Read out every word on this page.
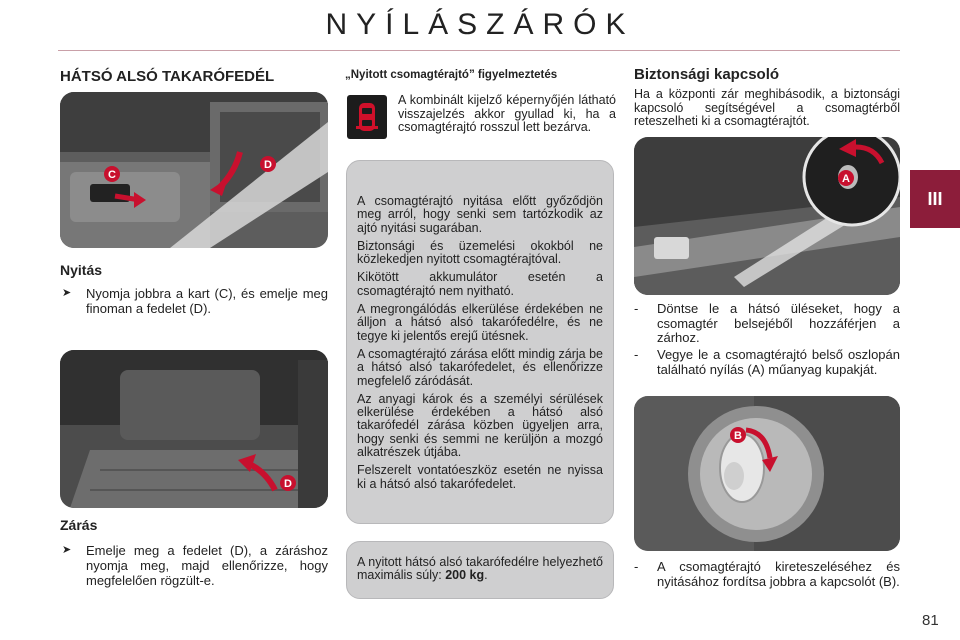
NYÍLÁSZÁRÓK
III
HÁTSÓ ALSÓ TAKARÓFEDÉL
C
D
Nyitás
➤ Nyomja jobbra a kart (C), és emelje meg finoman a fedelet (D).
D
Zárás
➤ Emelje meg a fedelet (D), a záráshoz nyomja meg, majd ellenőrizze, hogy megfelelően rögzült-e.
„Nyitott csomagtérajtó” figyelmeztetés
A kombinált kijelző képernyőjén látható visszajelzés akkor gyullad ki, ha a csomagtérajtó rosszul lett bezárva.

A csomagtérajtó nyitása előtt győződjön meg arról, hogy senki sem tartózkodik az ajtó nyitási sugarában.

Biztonsági és üzemelési okokból ne közlekedjen nyitott csomagtérajtóval.

Kikötött akkumulátor esetén a csomagtérajtó nem nyitható.

A megrongálódás elkerülése érdekében ne álljon a hátsó alsó takarófedélre, és ne tegye ki jelentős erejű ütésnek.

A csomagtérajtó zárása előtt mindig zárja be a hátsó alsó takarófedelet, és ellenőrizze megfelelő záródását.

Az anyagi károk és a személyi sérülések elkerülése érdekében a hátsó alsó takarófedél zárása közben ügyeljen arra, hogy senki és semmi ne kerüljön a mozgó alkatrészek útjába.

Felszerelt vontatóeszköz esetén ne nyissa ki a hátsó alsó takarófedelet.

A nyitott hátsó alsó takarófedélre helyezhető maximális súly: 200 kg.

Biztonsági kapcsoló
Ha a központi zár meghibásodik, a biztonsági kapcsoló segítségével a csomagtérből reteszelheti ki a csomagtérajtót.
A
- Döntse le a hátsó üléseket, hogy a csomagtér belsejéből hozzáférjen a zárhoz.
- Vegye le a csomagtérajtó belső oszlopán található nyílás (A) műanyag kupakját.
B
- A csomagtérajtó kireteszeléséhez és nyitásához fordítsa jobbra a kapcsolót (B).
81
